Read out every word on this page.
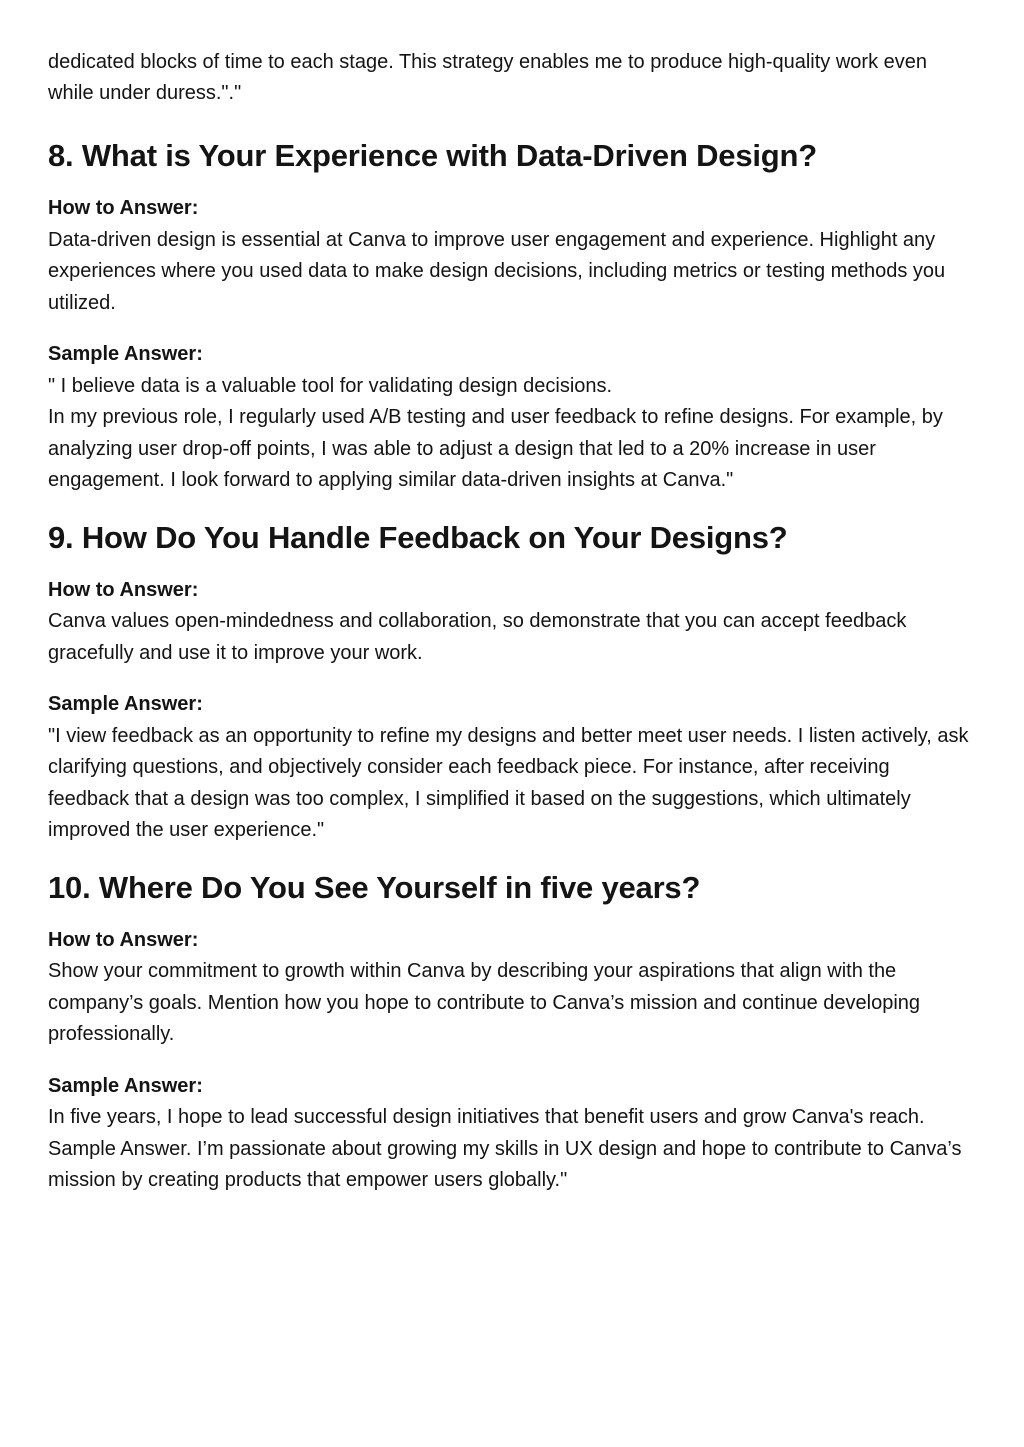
dedicated blocks of time to each stage. This strategy enables me to produce high-quality work even while under duress."."

8. What is Your Experience with Data-Driven Design?
How to Answer:

Data-driven design is essential at Canva to improve user engagement and experience. Highlight any experiences where you used data to make design decisions, including metrics or testing methods you utilized.

Sample Answer:

" I believe data is a valuable tool for validating design decisions.

In my previous role, I regularly used A/B testing and user feedback to refine designs. For example, by analyzing user drop-off points, I was able to adjust a design that led to a 20% increase in user engagement. I look forward to applying similar data-driven insights at Canva."

9. How Do You Handle Feedback on Your Designs?
How to Answer:

Canva values open-mindedness and collaboration, so demonstrate that you can accept feedback gracefully and use it to improve your work.

Sample Answer:

"I view feedback as an opportunity to refine my designs and better meet user needs. I listen actively, ask clarifying questions, and objectively consider each feedback piece. For instance, after receiving feedback that a design was too complex, I simplified it based on the suggestions, which ultimately improved the user experience."

10. Where Do You See Yourself in five years?
How to Answer:

Show your commitment to growth within Canva by describing your aspirations that align with the company’s goals. Mention how you hope to contribute to Canva’s mission and continue developing professionally.

Sample Answer:

In five years, I hope to lead successful design initiatives that benefit users and grow Canva's reach. Sample Answer. I’m passionate about growing my skills in UX design and hope to contribute to Canva’s mission by creating products that empower users globally."
